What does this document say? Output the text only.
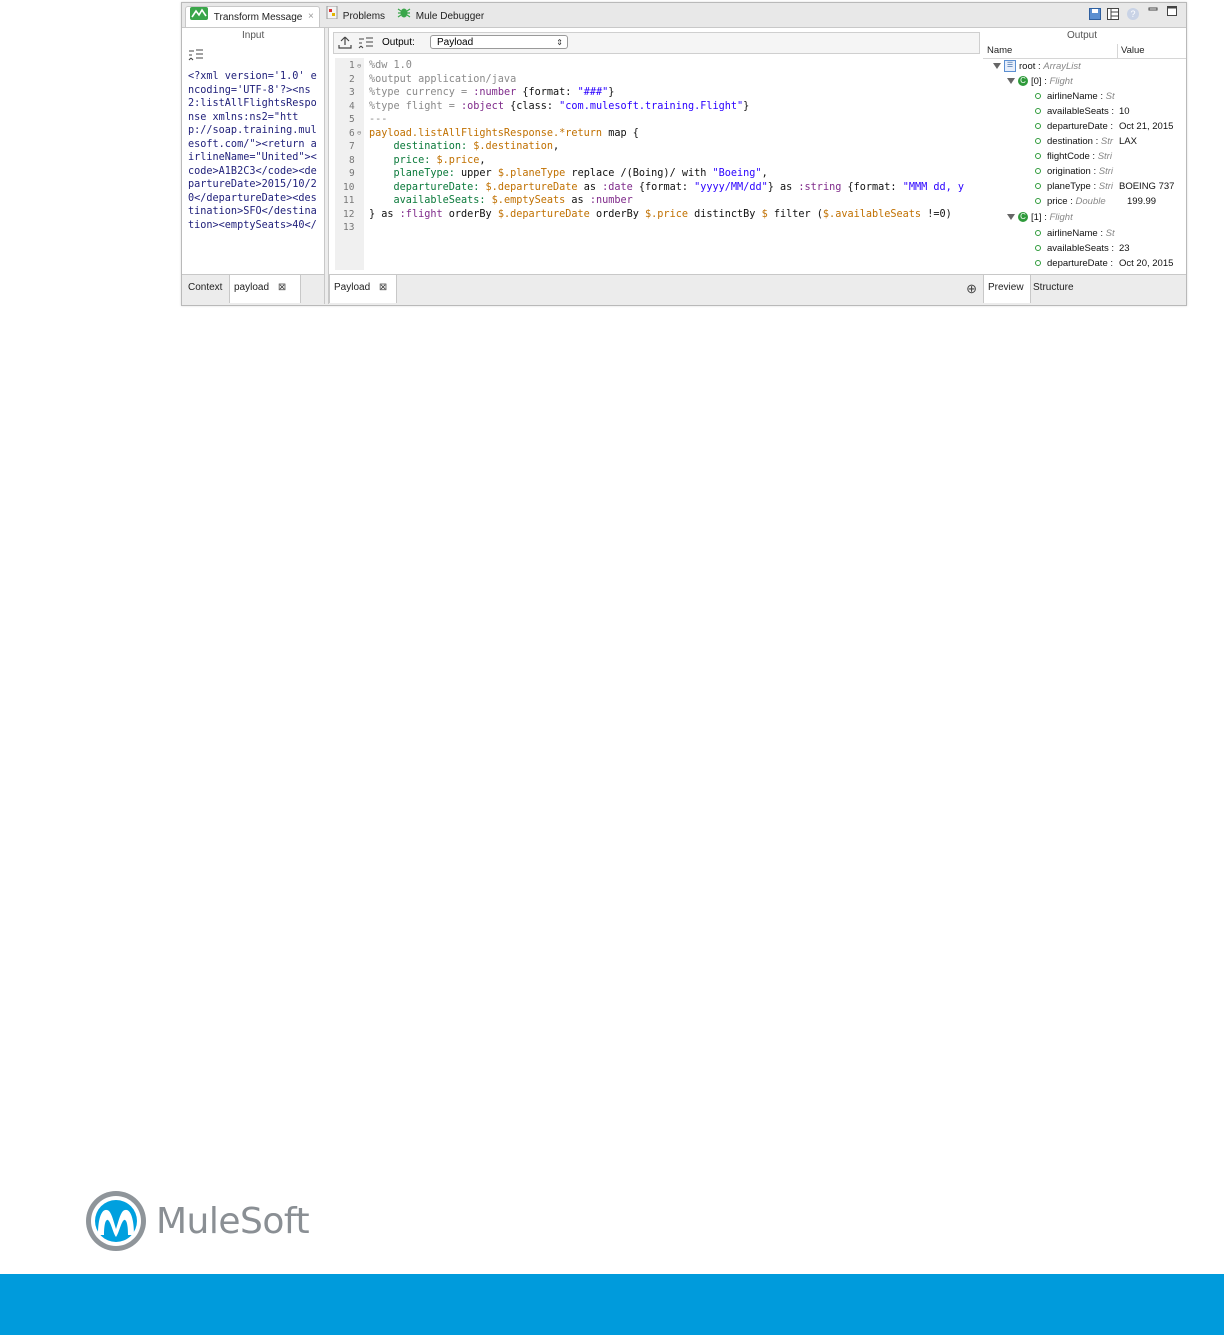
Transform Message ×	Problems	Mule Debugger	?
Input
<?xml version='1.0' encoding='UTF-8'?><ns2:listAllFlightsResponse xmlns:ns2="http://soap.training.mulesoft.com/"><return airlineName="United"><code>A1B2C3</code><departureDate>2015/10/20</departureDate><destination>SFO</destination><emptySeats>40</
Context	payload ⊠
Output:	Payload	⇕
1
2
3
4
5
6
7
8
9
10
11
12
13
⊖
⊖
%dw 1.0
%output application/java
%type currency = :number {format: "###"}
%type flight = :object {class: "com.mulesoft.training.Flight"}
---
payload.listAllFlightsResponse.*return map {
destination: $.destination,
price: $.price,
planeType: upper $.planeType replace /(Boing)/ with "Boeing",
departureDate: $.departureDate as :date {format: "yyyy/MM/dd"} as :string {format: "MMM dd, y
availableSeats: $.emptySeats as :number
} as :flight orderBy $.departureDate orderBy $.price distinctBy $ filter ($.availableSeats !=0)
Payload ⊠	⊕
Output
Name	Value
☰ root : ArrayList
C [0] : Flight
airlineName : St
availableSeats : 10
departureDate : Oct 21, 2015
destination : Str LAX
flightCode : Stri
origination : Stri
planeType : Stri BOEING 737
price : Double 199.99
C [1] : Flight
airlineName : St
availableSeats : 23
departureDate : Oct 20, 2015
Preview Structure
MuleSoft
